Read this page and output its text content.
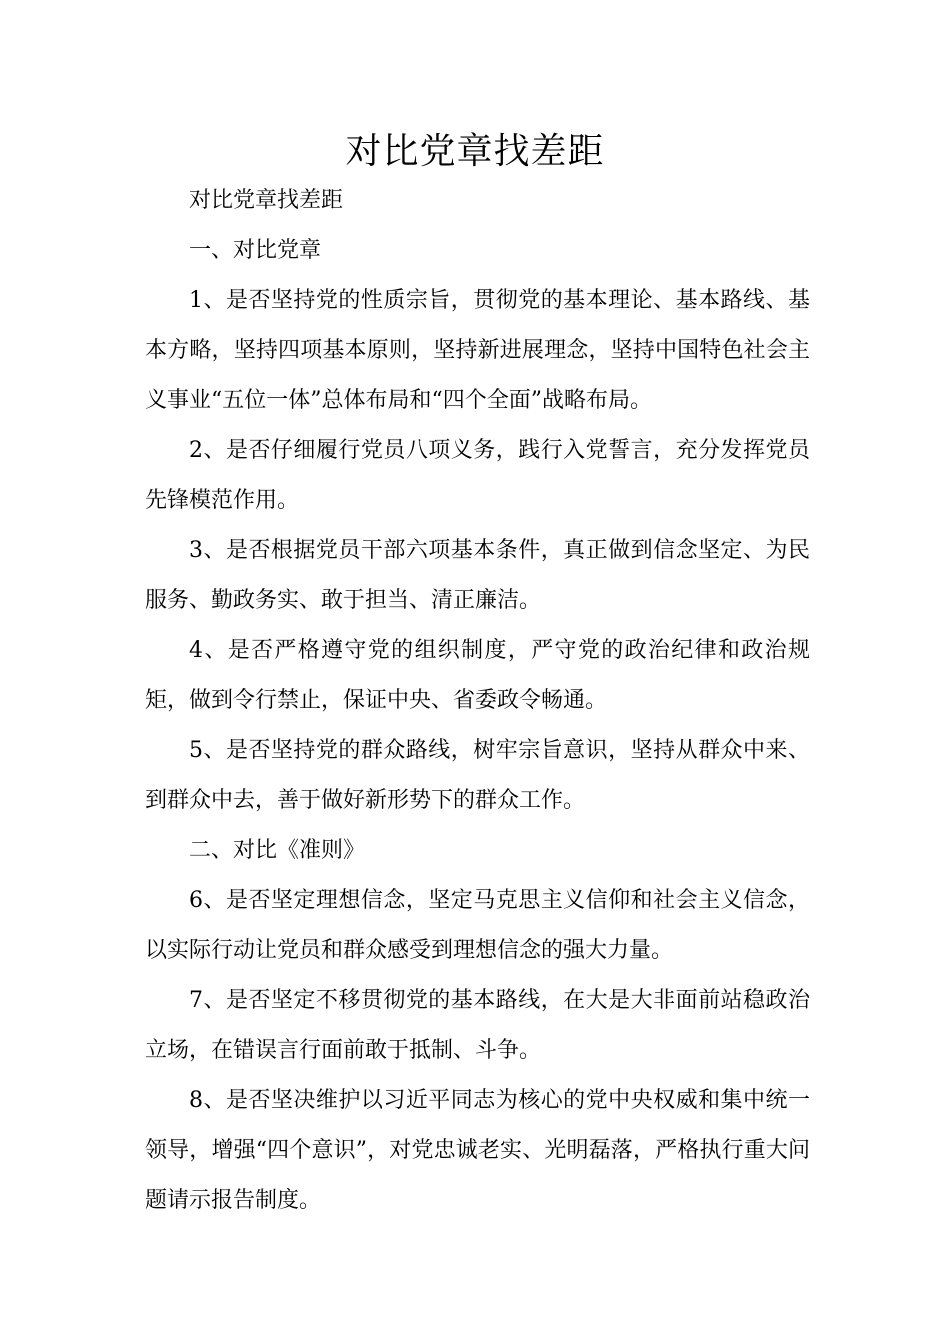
对比党章找差距

对比党章找差距

一、对比党章

1、是否坚持党的性质宗旨，贯彻党的基本理论、基本路线、基本方略，坚持四项基本原则，坚持新进展理念，坚持中国特色社会主义事业“五位一体”总体布局和“四个全面”战略布局。

2、是否仔细履行党员八项义务，践行入党誓言，充分发挥党员先锋模范作用。

3、是否根据党员干部六项基本条件，真正做到信念坚定、为民服务、勤政务实、敢于担当、清正廉洁。

4、是否严格遵守党的组织制度，严守党的政治纪律和政治规矩，做到令行禁止，保证中央、省委政令畅通。

5、是否坚持党的群众路线，树牢宗旨意识，坚持从群众中来、到群众中去，善于做好新形势下的群众工作。

二、对比《准则》

6、是否坚定理想信念，坚定马克思主义信仰和社会主义信念，以实际行动让党员和群众感受到理想信念的强大力量。

7、是否坚定不移贯彻党的基本路线，在大是大非面前站稳政治立场，在错误言行面前敢于抵制、斗争。

8、是否坚决维护以习近平同志为核心的党中央权威和集中统一领导，增强“四个意识”，对党忠诚老实、光明磊落，严格执行重大问题请示报告制度。
